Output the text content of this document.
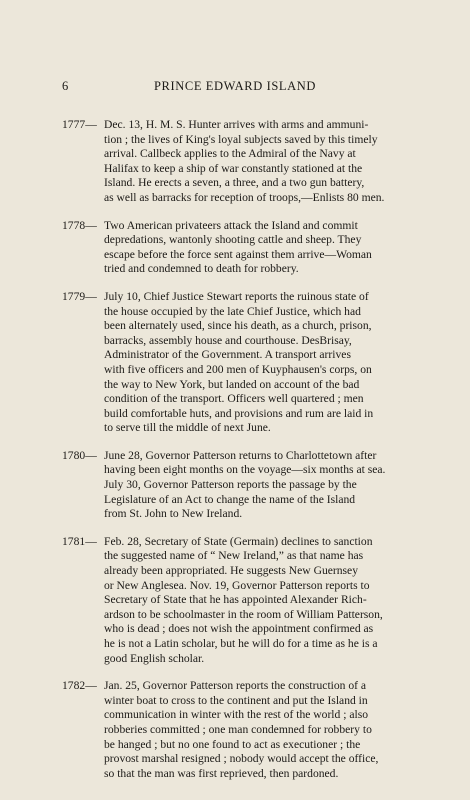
6	PRINCE EDWARD ISLAND
1777— Dec. 13, H. M. S. Hunter arrives with arms and ammuni-
tion ; the lives of King's loyal subjects saved by this timely
arrival. Callbeck applies to the Admiral of the Navy at
Halifax to keep a ship of war constantly stationed at the
Island. He erects a seven, a three, and a two gun battery,
as well as barracks for reception of troops,—Enlists 80 men.
1778— Two American privateers attack the Island and commit
depredations, wantonly shooting cattle and sheep. They
escape before the force sent against them arrive—Woman
tried and condemned to death for robbery.
1779— July 10, Chief Justice Stewart reports the ruinous state of
the house occupied by the late Chief Justice, which had
been alternately used, since his death, as a church, prison,
barracks, assembly house and courthouse. DesBrisay,
Administrator of the Government. A transport arrives
with five officers and 200 men of Kuyphausen's corps, on
the way to New York, but landed on account of the bad
condition of the transport. Officers well quartered ; men
build comfortable huts, and provisions and rum are laid in
to serve till the middle of next June.
1780— June 28, Governor Patterson returns to Charlottetown after
having been eight months on the voyage—six months at sea.
July 30, Governor Patterson reports the passage by the
Legislature of an Act to change the name of the Island
from St. John to New Ireland.
1781— Feb. 28, Secretary of State (Germain) declines to sanction
the suggested name of “ New Ireland,” as that name has
already been appropriated. He suggests New Guernsey
or New Anglesea. Nov. 19, Governor Patterson reports to
Secretary of State that he has appointed Alexander Rich-
ardson to be schoolmaster in the room of William Patterson,
who is dead ; does not wish the appointment confirmed as
he is not a Latin scholar, but he will do for a time as he is a
good English scholar.
1782— Jan. 25, Governor Patterson reports the construction of a
winter boat to cross to the continent and put the Island in
communication in winter with the rest of the world ; also
robberies committed ; one man condemned for robbery to
be hanged ; but no one found to act as executioner ; the
provost marshal resigned ; nobody would accept the office,
so that the man was first reprieved, then pardoned.
